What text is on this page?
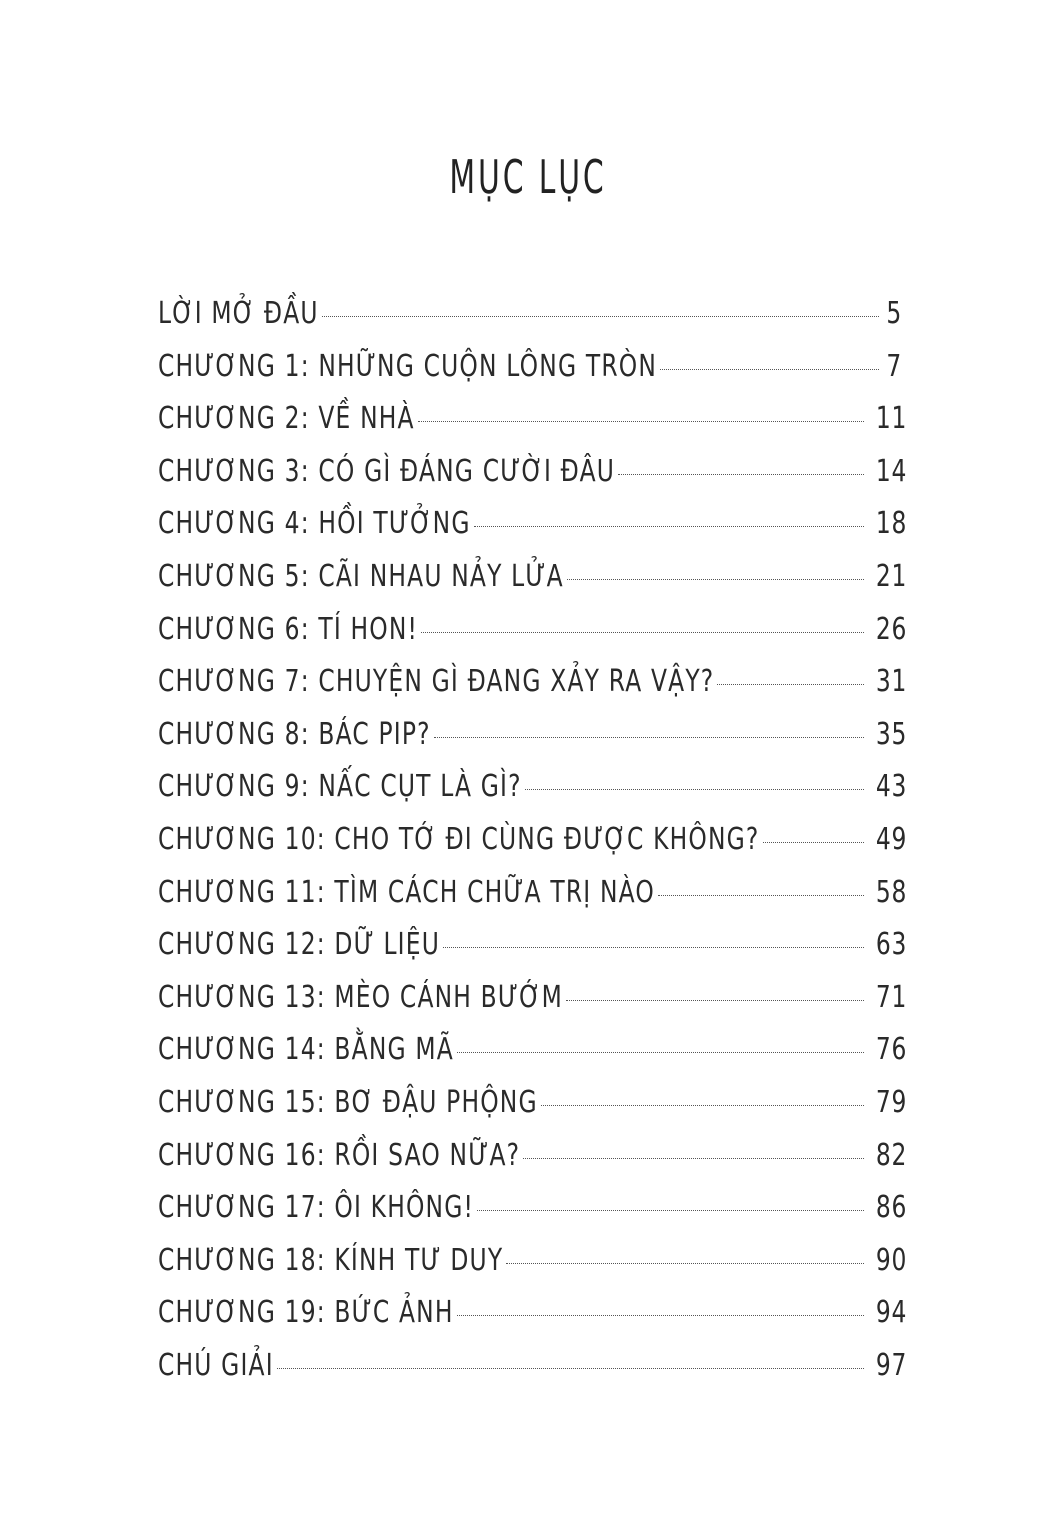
MỤC LỤC
LỜI MỞ ĐẦU	5
CHƯƠNG 1: NHỮNG CUỘN LÔNG TRÒN	7
CHƯƠNG 2: VỀ NHÀ	11
CHƯƠNG 3: CÓ GÌ ĐÁNG CƯỜI ĐÂU	14
CHƯƠNG 4: HỒI TƯỞNG	18
CHƯƠNG 5: CÃI NHAU NẢY LỬA	21
CHƯƠNG 6: TÍ HON!	26
CHƯƠNG 7: CHUYỆN GÌ ĐANG XẢY RA VẬY?	31
CHƯƠNG 8: BÁC PIP?	35
CHƯƠNG 9: NẤC CỤT LÀ GÌ?	43
CHƯƠNG 10: CHO TỚ ĐI CÙNG ĐƯỢC KHÔNG?	49
CHƯƠNG 11: TÌM CÁCH CHỮA TRỊ NÀO	58
CHƯƠNG 12: DỮ LIỆU	63
CHƯƠNG 13: MÈO CÁNH BƯỚM	71
CHƯƠNG 14: BẰNG MÃ	76
CHƯƠNG 15: BƠ ĐẬU PHỘNG	79
CHƯƠNG 16: RỒI SAO NỮA?	82
CHƯƠNG 17: ÔI KHÔNG!	86
CHƯƠNG 18: KÍNH TƯ DUY	90
CHƯƠNG 19: BỨC ẢNH	94
CHÚ GIẢI	97
